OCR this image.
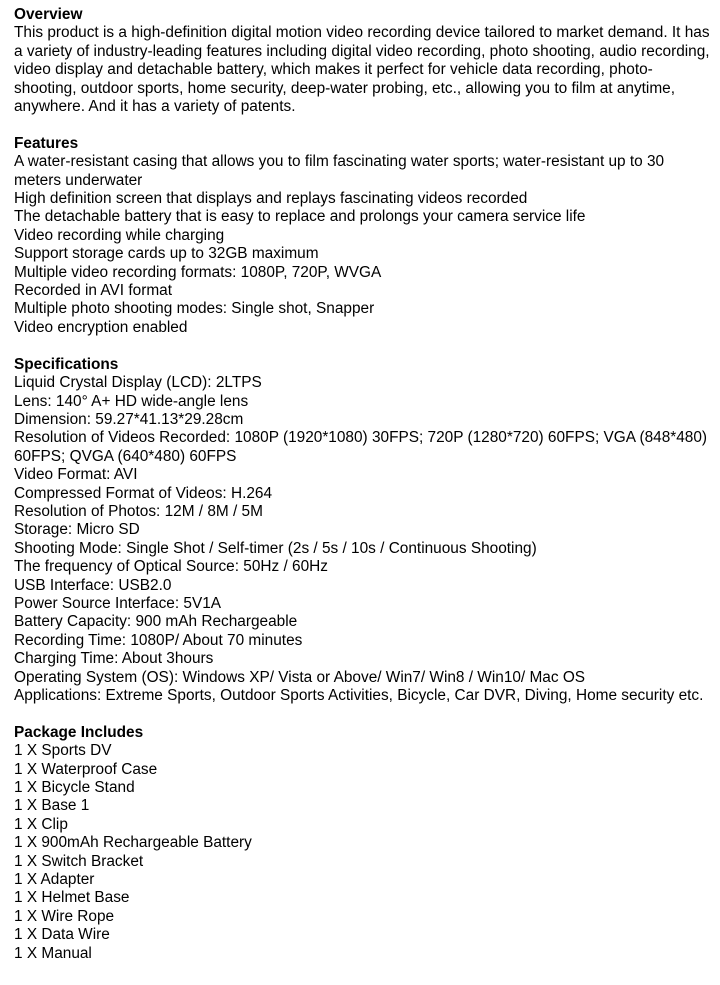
Overview

This product is a high-definition digital motion video recording device tailored to market demand. It has a variety of industry-leading features including digital video recording, photo shooting, audio recording, video display and detachable battery, which makes it perfect for vehicle data recording, photo-shooting, outdoor sports, home security, deep-water probing, etc., allowing you to film at anytime, anywhere. And it has a variety of patents.

Features

A water-resistant casing that allows you to film fascinating water sports; water-resistant up to 30 meters underwater
High definition screen that displays and replays fascinating videos recorded
The detachable battery that is easy to replace and prolongs your camera service life
Video recording while charging
Support storage cards up to 32GB maximum
Multiple video recording formats: 1080P, 720P, WVGA
Recorded in AVI format
Multiple photo shooting modes: Single shot, Snapper
Video encryption enabled

Specifications

Liquid Crystal Display (LCD): 2LTPS
Lens: 140° A+ HD wide-angle lens
Dimension: 59.27*41.13*29.28cm
Resolution of Videos Recorded: 1080P (1920*1080) 30FPS; 720P (1280*720) 60FPS; VGA (848*480) 60FPS; QVGA (640*480) 60FPS
Video Format: AVI
Compressed Format of Videos: H.264
Resolution of Photos: 12M / 8M / 5M
Storage: Micro SD
Shooting Mode: Single Shot / Self-timer (2s / 5s / 10s / Continuous Shooting)
The frequency of Optical Source: 50Hz / 60Hz
USB Interface: USB2.0
Power Source Interface: 5V1A
Battery Capacity: 900 mAh Rechargeable
Recording Time: 1080P/ About 70 minutes
Charging Time: About 3hours
Operating System (OS): Windows XP/ Vista or Above/ Win7/ Win8 / Win10/ Mac OS
Applications: Extreme Sports, Outdoor Sports Activities, Bicycle, Car DVR, Diving, Home security etc.

Package Includes

1 X Sports DV
1 X Waterproof Case
1 X Bicycle Stand
1 X Base 1
1 X Clip
1 X 900mAh Rechargeable Battery
1 X Switch Bracket
1 X Adapter
1 X Helmet Base
1 X Wire Rope
1 X Data Wire
1 X Manual
